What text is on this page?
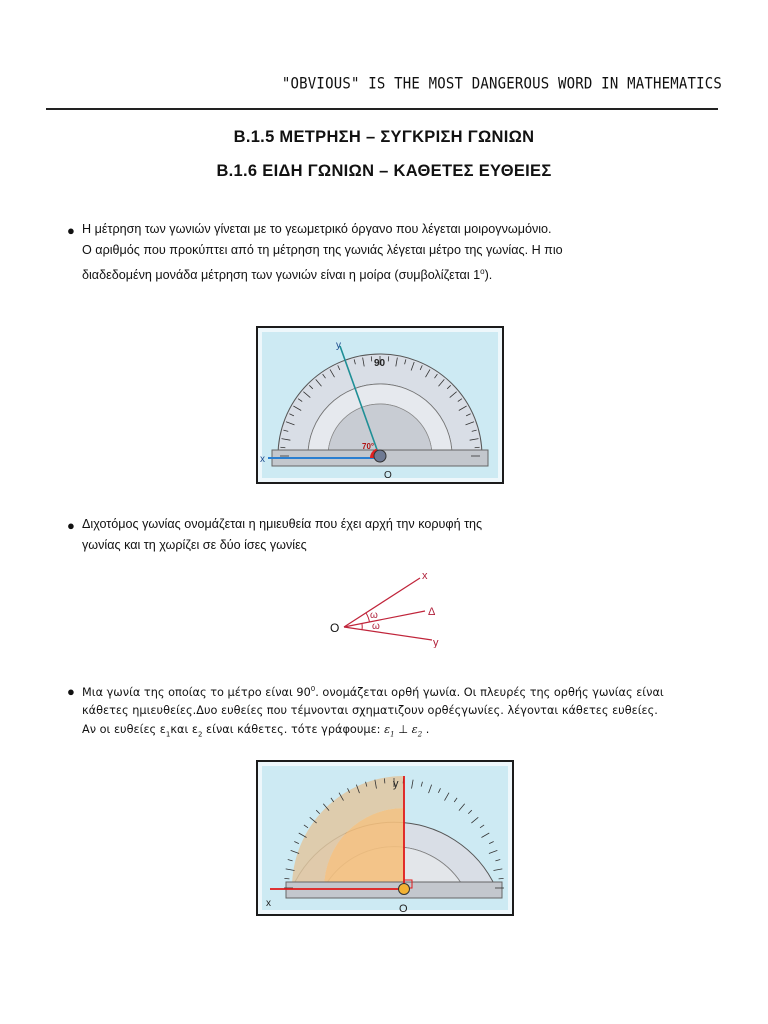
"OBVIOUS" IS THE MOST DANGEROUS WORD IN MATHEMATICS
Β.1.5 ΜΕΤΡΗΣΗ – ΣΥΓΚΡΙΣΗ ΓΩΝΙΩΝ
Β.1.6 ΕΙΔΗ ΓΩΝΙΩΝ – ΚΑΘΕΤΕΣ ΕΥΘΕΙΕΣ
● Η μέτρηση των γωνιών γίνεται με το γεωμετρικό όργανο που λέγεται μοιρογνωμόνιο.
Ο αριθμός που προκύπτει από τη μέτρηση της γωνιάς λέγεται μέτρο της γωνίας. Η πιο
διαδεδομένη μονάδα μέτρηση των γωνιών είναι η μοίρα (συμβολίζεται $1^o$).
90
y
x
70°
O
● Διχοτόμος γωνίας ονομάζεται η ημιευθεία που έχει αρχή την κορυφή της
γωνίας και τη χωρίζει σε δύο ίσες γωνίες
x
Δ
y
O
ω
ω
● Μια γωνία της οποίας το μέτρο είναι $90^0$. ονομάζεται ορθή γωνία. Οι πλευρές της ορθής γωνίας είναι
κάθετες ημιευθείες.Δυο ευθείες που τέμνονται σχηματιζουν ορθέςγωνίες. λέγονται κάθετες ευθείες.
Αν οι ευθείες $\varepsilon_1\kappa\alpha\iota$ $\varepsilon_2$ είναι κάθετες. τότε γράφουμε: $\varepsilon_1$ ⊥ $\varepsilon_2$ .
y
x	O
